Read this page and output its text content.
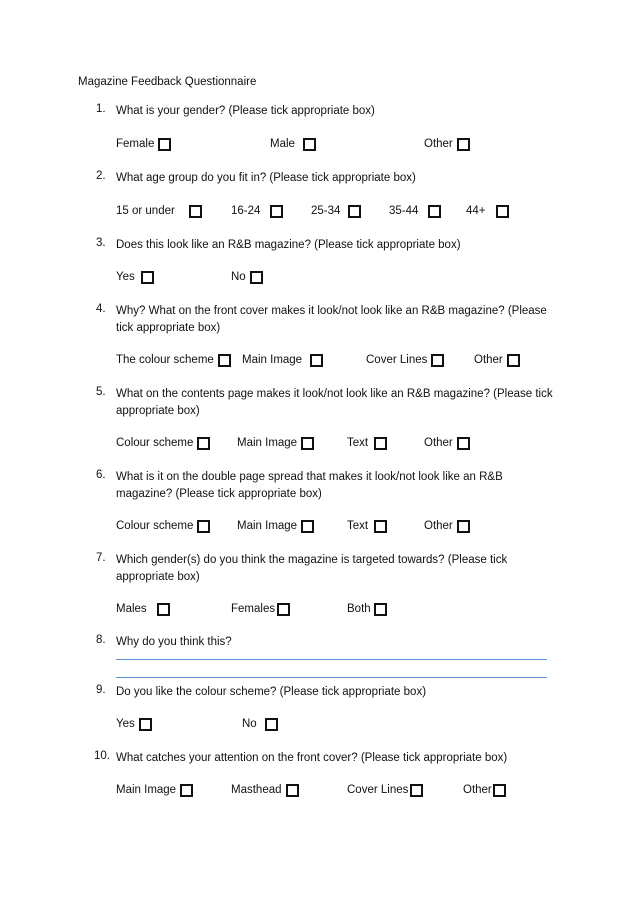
Magazine Feedback Questionnaire
1. What is your gender? (Please tick appropriate box)
Female	Male	Other
2. What age group do you fit in? (Please tick appropriate box)
15 or under	16-24	25-34	35-44	44+
3. Does this look like an R&B magazine? (Please tick appropriate box)
Yes	No
4. Why? What on the front cover makes it look/not look like an R&B magazine? (Please tick appropriate box)
The colour scheme Main Image	Cover Lines	Other
5. What on the contents page makes it look/not look like an R&B magazine? (Please tick appropriate box)
Colour scheme	Main Image	Text	Other
6. What is it on the double page spread that makes it look/not look like an R&B magazine? (Please tick appropriate box)
Colour scheme	Main Image	Text	Other
7. Which gender(s) do you think the magazine is targeted towards? (Please tick appropriate box)
Males	Females	Both
8. Why do you think this?
9. Do you like the colour scheme? (Please tick appropriate box)
Yes	No
10. What catches your attention on the front cover? (Please tick appropriate box)
Main Image	Masthead	Cover Lines	Other
